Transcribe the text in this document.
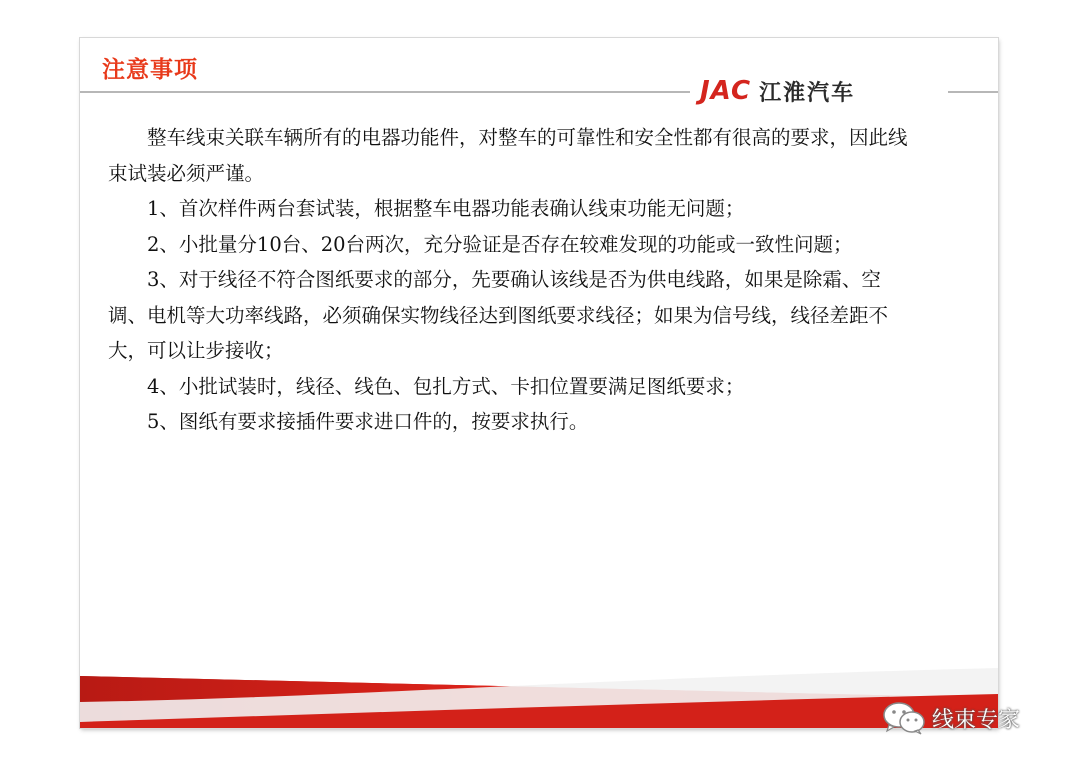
注意事项
JAC 江淮汽车

整车线束关联车辆所有的电器功能件，对整车的可靠性和安全性都有很高的要求，因此线束试装必须严谨。

1、首次样件两台套试装，根据整车电器功能表确认线束功能无问题；

2、小批量分10台、20台两次，充分验证是否存在较难发现的功能或一致性问题；

3、对于线径不符合图纸要求的部分，先要确认该线是否为供电线路，如果是除霜、空调、电机等大功率线路，必须确保实物线径达到图纸要求线径；如果为信号线，线径差距不大，可以让步接收；

4、小批试装时，线径、线色、包扎方式、卡扣位置要满足图纸要求；

5、图纸有要求接插件要求进口件的，按要求执行。

线束专家
